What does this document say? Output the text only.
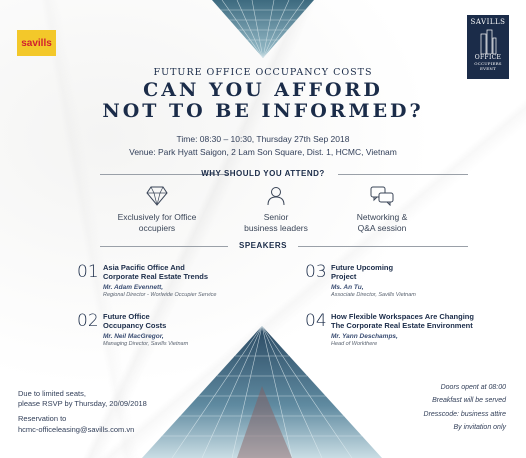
savills
SAVILLS
OFFICE
OCCUPIERS
EVENT
FUTURE OFFICE OCCUPANCY COSTS
CAN YOU AFFORD
NOT TO BE INFORMED?
Time: 08:30 – 10:30, Thursday 27th Sep 2018
Venue: Park Hyatt Saigon, 2 Lam Son Square, Dist. 1, HCMC, Vietnam
WHY SHOULD YOU ATTEND?
Exclusively for Office
occupiers
Senior
business leaders
Networking &
Q&A session
SPEAKERS
01 Asia Pacific Office And
Corporate Real Estate Trends
Mr. Adam Evennett,
Regional Director - Worlwide Occupier Service
02 Future Office
Occupancy Costs
Mr. Neil MacGregor,
Managing Director, Savills Vietnam
03 Future Upcoming
Project
Ms. An Tu,
Associate Director, Savills Vietnam
04 How Flexible Workspaces Are Changing
The Corporate Real Estate Environment
Mr. Yann Deschamps,
Head of Workthere
Due to limited seats,
please RSVP by Thursday, 20/09/2018
Reservation to
hcmc-officeleasing@savills.com.vn
Doors opent at 08:00
Breakfast will be served
Dresscode: business attire
By invitation only
